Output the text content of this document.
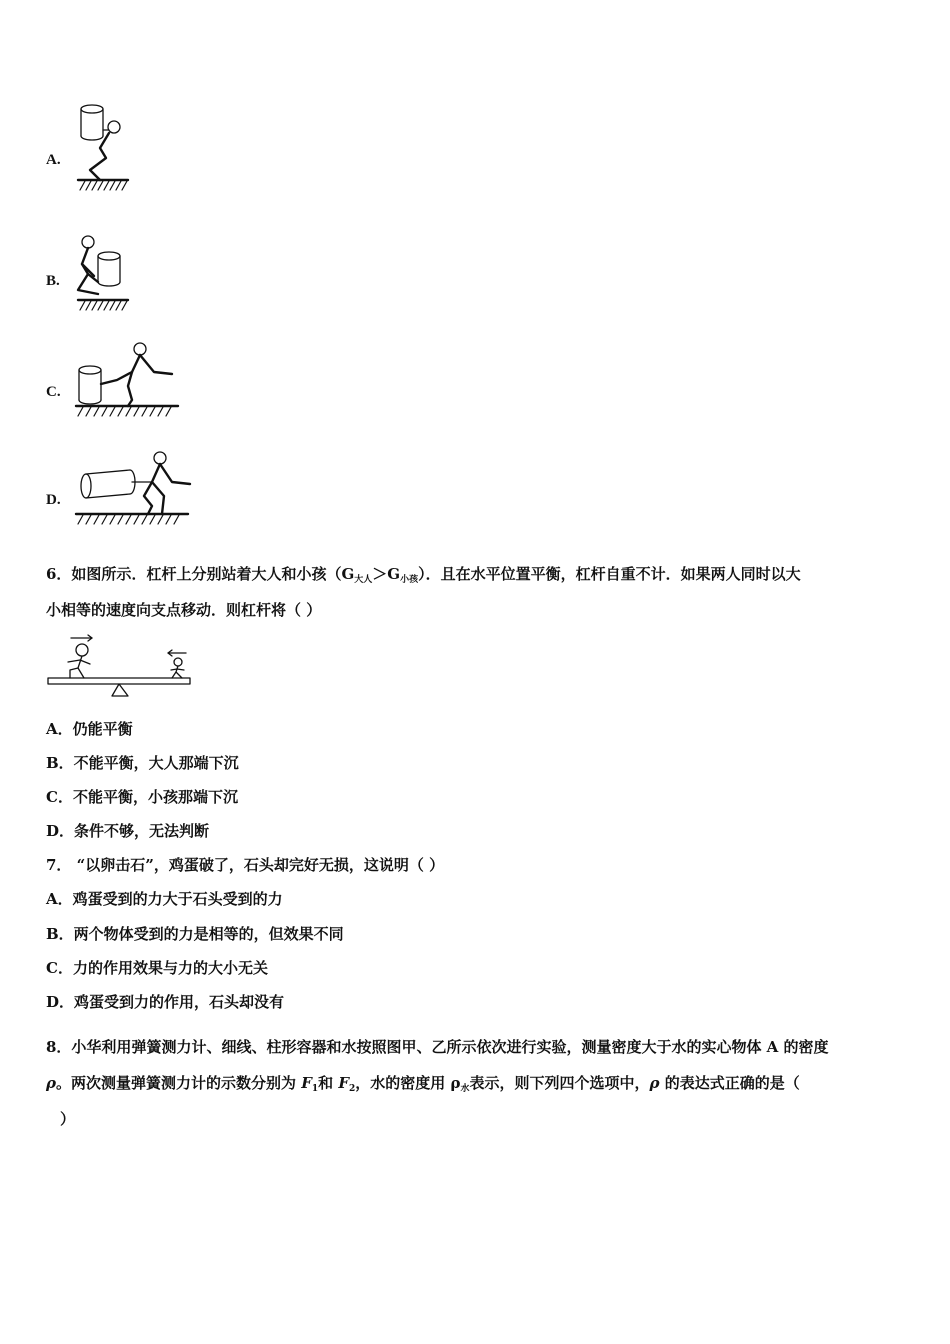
A.
B.
C.
D.
6．如图所示．杠杆上分别站着大人和小孩$(G_{大人}>G_{小孩})$．且在水平位置平衡，杠杆自重不计．如果两人同时以大
小相等的速度向支点移动．则杠杆将（ ）
A．仍能平衡
B．不能平衡，大人那端下沉
C．不能平衡，小孩那端下沉
D．条件不够，无法判断
7． “以卵击石”，鸡蛋破了，石头却完好无损，这说明（ ）
A．鸡蛋受到的力大于石头受到的力
B．两个物体受到的力是相等的，但效果不同
C．力的作用效果与力的大小无关
D．鸡蛋受到力的作用，石头却没有
8．小华利用弹簧测力计、细线、柱形容器和水按照图甲、乙所示依次进行实验，测量密度大于水的实心物体 A 的密度
ρ。两次测量弹簧测力计的示数分别为 $F_1$和 $F_2$，水的密度用 $\rho_水$表示，则下列四个选项中，ρ 的表达式正确的是（
）
